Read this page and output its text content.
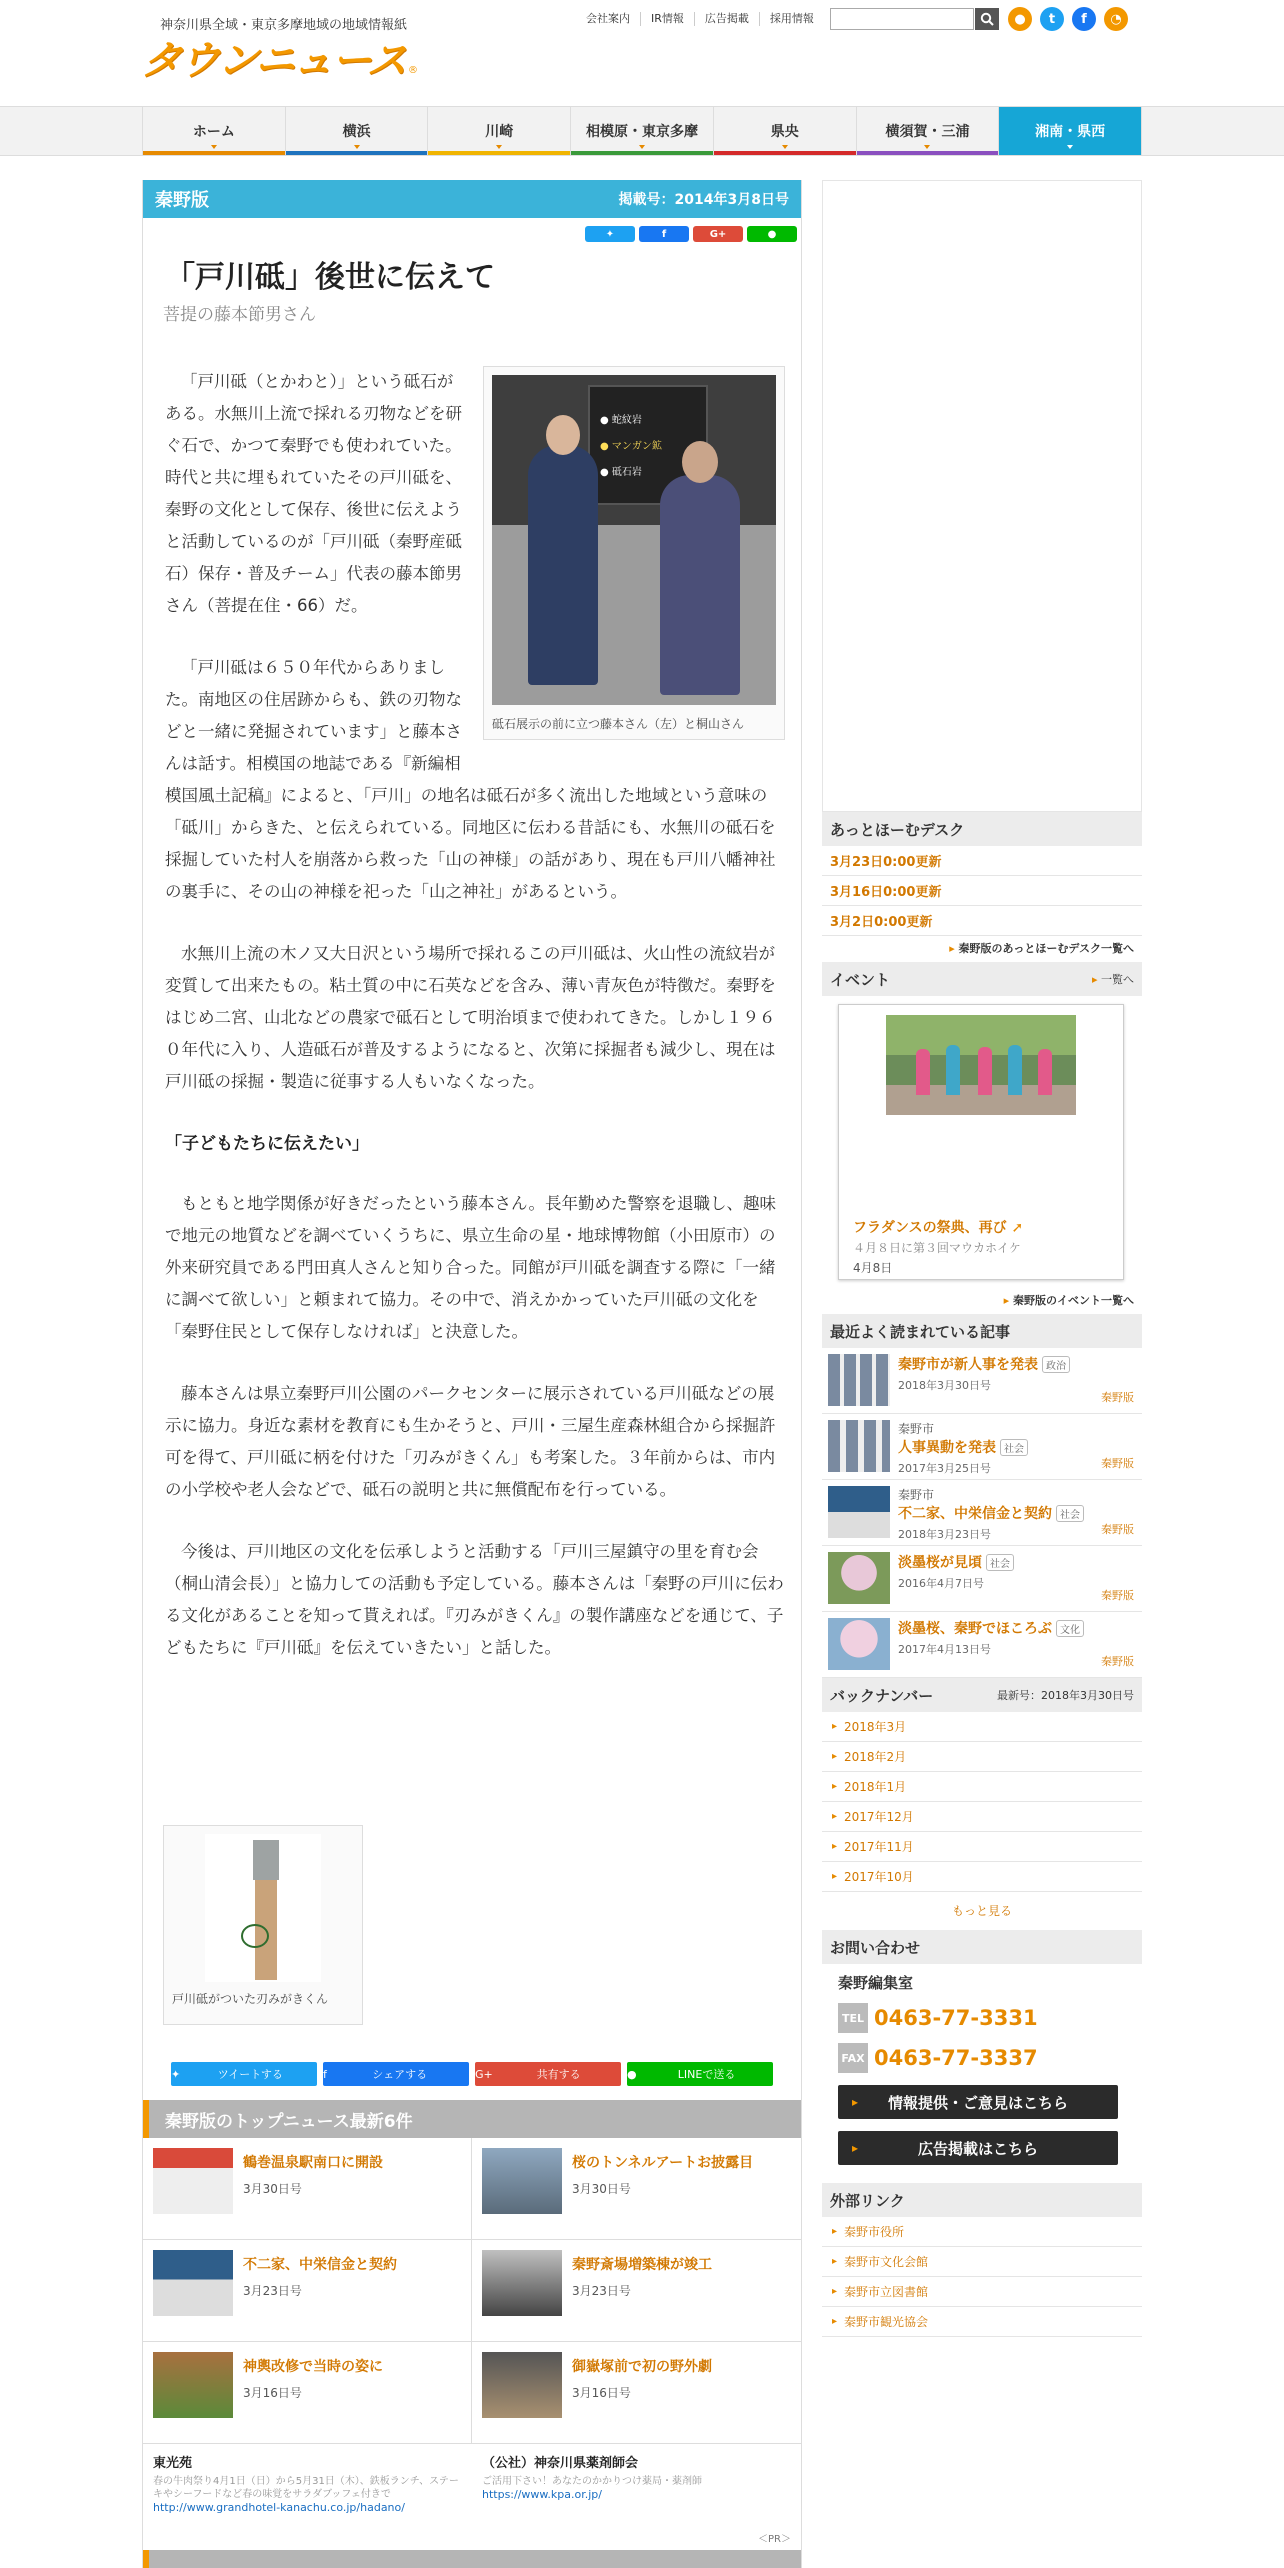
神奈川県全域・東京多摩地域の地域情報紙
タウンニュース ®
会社案内	IR情報	広告掲載	採用情報	●	t	f	◔
ホーム	横浜	川崎	相模原・東京多摩	県央	横須賀・三浦	湘南・県西
秦野版	掲載号：2014年3月8日号
✦	f	G+	●
「戸川砥」後世に伝えて
菩提の藤本節男さん

「戸川砥（とかわと）」という砥石がある。水無川上流で採れる刃物などを研ぐ石で、かつて秦野でも使われていた。時代と共に埋もれていたその戸川砥を、秦野の文化として保存、後世に伝えようと活動しているのが「戸川砥（秦野産砥石）保存・普及チーム」代表の藤本節男さん（菩提在住・66）だ。

「戸川砥は６５０年代からありました。南地区の住居跡からも、鉄の刃物などと一緒に発掘されています」と藤本さんは話す。相模国の地誌である『新編相模国風土記稿』によると、「戸川」の地名は砥石が多く流出した地域という意味の「砥川」からきた、と伝えられている。同地区に伝わる昔話にも、水無川の砥石を採掘していた村人を崩落から救った「山の神様」の話があり、現在も戸川八幡神社の裏手に、その山の神様を祀った「山之神社」があるという。

水無川上流の木ノ又大日沢という場所で採れるこの戸川砥は、火山性の流紋岩が変質して出来たもの。粘土質の中に石英などを含み、薄い青灰色が特徴だ。秦野をはじめ二宮、山北などの農家で砥石として明治頃まで使われてきた。しかし１９６０年代に入り、人造砥石が普及するようになると、次第に採掘者も減少し、現在は戸川砥の採掘・製造に従事する人もいなくなった。

「子どもたちに伝えたい」

もともと地学関係が好きだったという藤本さん。長年勤めた警察を退職し、趣味で地元の地質などを調べていくうちに、県立生命の星・地球博物館（小田原市）の外来研究員である門田真人さんと知り合った。同館が戸川砥を調査する際に「一緒に調べて欲しい」と頼まれて協力。その中で、消えかかっていた戸川砥の文化を「秦野住民として保存しなければ」と決意した。

藤本さんは県立秦野戸川公園のパークセンターに展示されている戸川砥などの展示に協力。身近な素材を教育にも生かそうと、戸川・三屋生産森林組合から採掘許可を得て、戸川砥に柄を付けた「刃みがきくん」も考案した。３年前からは、市内の小学校や老人会などで、砥石の説明と共に無償配布を行っている。

今後は、戸川地区の文化を伝承しようと活動する「戸川三屋鎮守の里を育む会（桐山清会長）」と協力しての活動も予定している。藤本さんは「秦野の戸川に伝わる文化があることを知って貰えれば。『刃みがきくん』の製作講座などを通じて、子どもたちに『戸川砥』を伝えていきたい」と話した。

● 蛇紋岩
● マンガン鉱
● 砥石岩
砥石展示の前に立つ藤本さん（左）と桐山さん
戸川砥がついた刃みがきくん
✦	ツイートする	f	シェアする	G+	共有する	●	LINEで送る
秦野版のトップニュース最新6件
鶴巻温泉駅南口に開設
3月30日号
桜のトンネルアートお披露目
3月30日号
不二家、中栄信金と契約
3月23日号
秦野斎場増築棟が竣工
3月23日号
神輿改修で当時の姿に
3月16日号
御嶽塚前で初の野外劇
3月16日号
東光苑
春の牛肉祭り4月1日（日）から5月31日（木）、鉄板ランチ、ステーキやシーフードなど春の味覚をサラダブッフェ付きで
http://www.grandhotel-kanachu.co.jp/hadano/
（公社）神奈川県薬剤師会
ご活用下さい！あなたのかかりつけ薬局・薬剤師
https://www.kpa.or.jp/
＜PR＞
あっとほーむデスク
3月23日0:00更新
3月16日0:00更新
3月2日0:00更新
▸ 秦野版のあっとほーむデスク一覧へ
イベント
▸	一覧へ
フラダンスの祭典、再び ➚
４月８日に第３回マウカホイケ
4月8日
▸ 秦野版のイベント一覧へ
最近よく読まれている記事
秦野市が新人事を発表 政治
2018年3月30日号
秦野版
秦野市
人事異動を発表 社会
2017年3月25日号	秦野版
秦野市
不二家、中栄信金と契約 社会
2018年3月23日号	秦野版
淡墨桜が見頃 社会
2016年4月7日号
秦野版
淡墨桜、秦野でほころぶ 文化
2017年4月13日号
秦野版
バックナンバー	最新号：2018年3月30日号
▸ 2018年3月
▸ 2018年2月
▸ 2018年1月
▸ 2017年12月
▸ 2017年11月
▸ 2017年10月
もっと見る
お問い合わせ
秦野編集室
TEL 0463-77-3331
FAX 0463-77-3337
▸ 情報提供・ご意見はこちら
▸ 広告掲載はこちら
外部リンク
▸ 秦野市役所
▸ 秦野市文化会館
▸ 秦野市立図書館
▸ 秦野市観光協会
